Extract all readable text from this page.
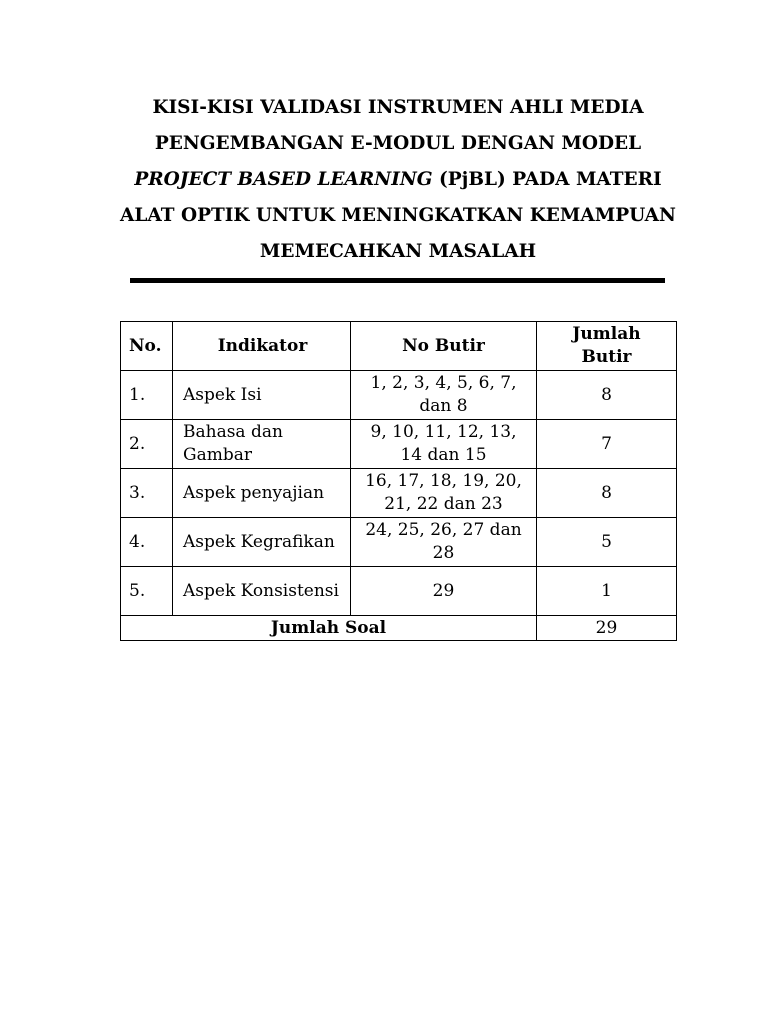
KISI-KISI VALIDASI INSTRUMEN AHLI MEDIA
PENGEMBANGAN E-MODUL DENGAN MODEL
PROJECT BASED LEARNING (PjBL) PADA MATERI
ALAT OPTIK UNTUK MENINGKATKAN KEMAMPUAN
MEMECAHKAN MASALAH
No.	Indikator	No Butir	Jumlah Butir
1.	Aspek Isi	1, 2, 3, 4, 5, 6, 7, dan 8	8
2.	Bahasa dan Gambar	9, 10, 11, 12, 13, 14 dan 15	7
3.	Aspek penyajian	16, 17, 18, 19, 20, 21, 22 dan 23	8
4.	Aspek Kegrafikan	24, 25, 26, 27 dan 28	5
5.	Aspek Konsistensi	29	1
Jumlah Soal			29
